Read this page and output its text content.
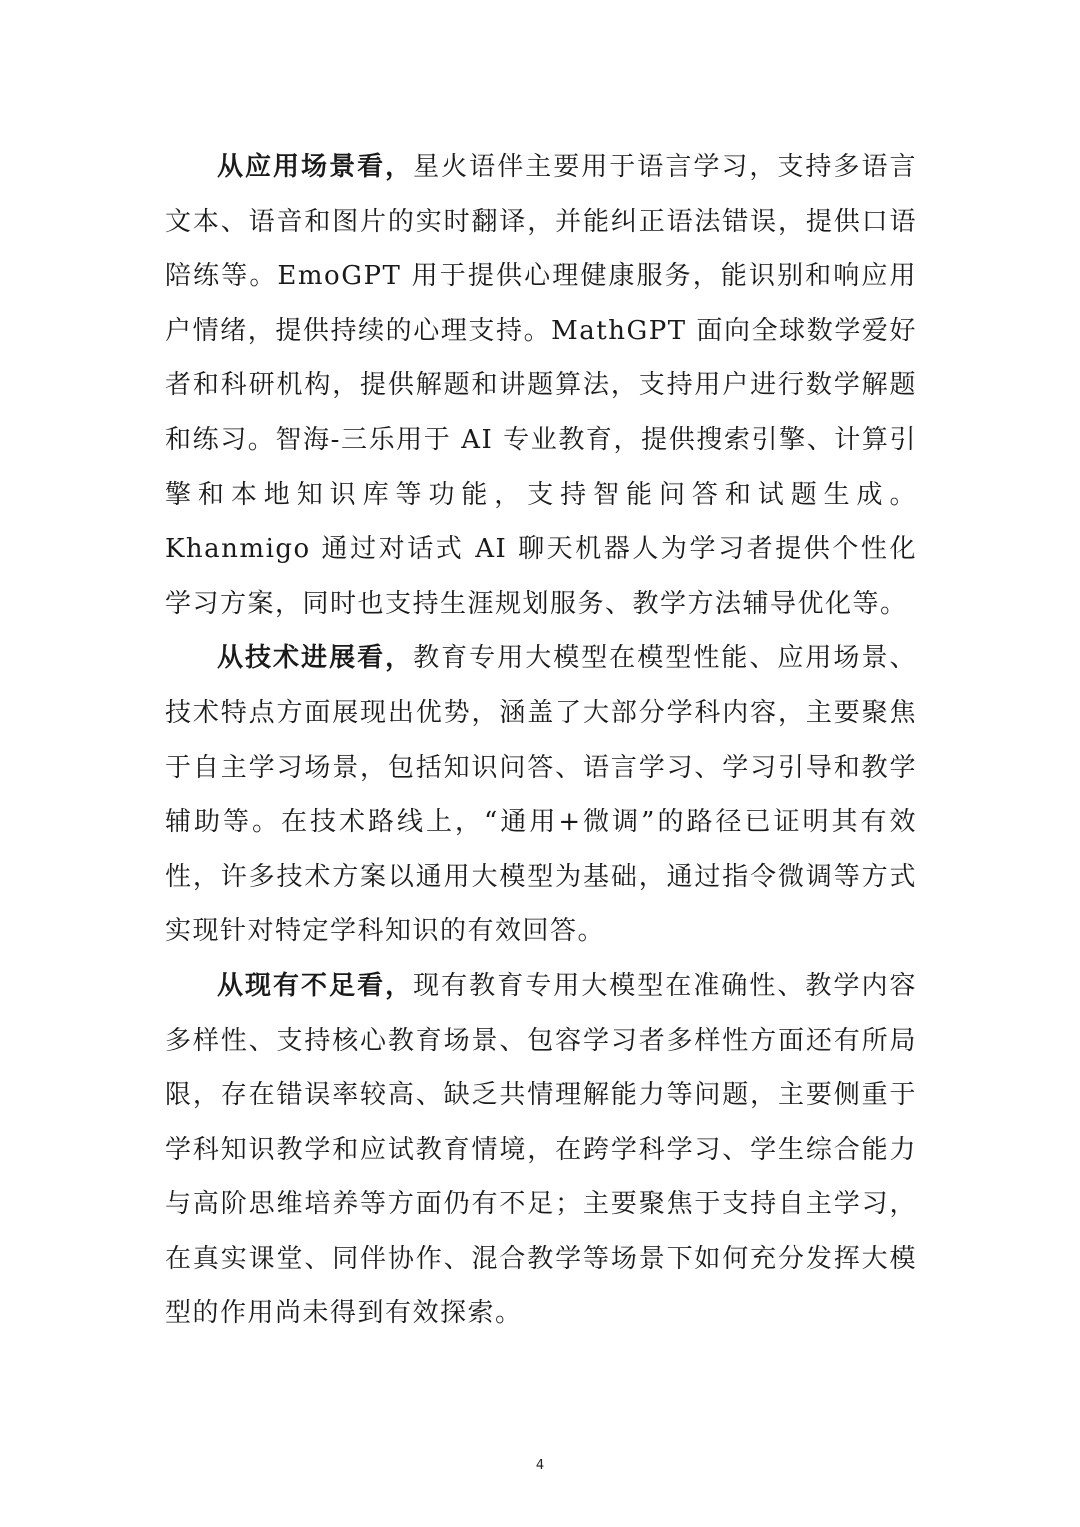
从应用场景看，星火语伴主要用于语言学习，支持多语言文本、语音和图片的实时翻译，并能纠正语法错误，提供口语陪练等。EmoGPT 用于提供心理健康服务，能识别和响应用户情绪，提供持续的心理支持。MathGPT 面向全球数学爱好者和科研机构，提供解题和讲题算法，支持用户进行数学解题和练习。智海-三乐用于 AI 专业教育，提供搜索引擎、计算引擎和本地知识库等功能，支持智能问答和试题生成。Khanmigo 通过对话式 AI 聊天机器人为学习者提供个性化学习方案，同时也支持生涯规划服务、教学方法辅导优化等。

从技术进展看，教育专用大模型在模型性能、应用场景、技术特点方面展现出优势，涵盖了大部分学科内容，主要聚焦于自主学习场景，包括知识问答、语言学习、学习引导和教学辅助等。在技术路线上，“通用+微调”的路径已证明其有效性，许多技术方案以通用大模型为基础，通过指令微调等方式实现针对特定学科知识的有效回答。

从现有不足看，现有教育专用大模型在准确性、教学内容多样性、支持核心教育场景、包容学习者多样性方面还有所局限，存在错误率较高、缺乏共情理解能力等问题，主要侧重于学科知识教学和应试教育情境，在跨学科学习、学生综合能力与高阶思维培养等方面仍有不足；主要聚焦于支持自主学习，在真实课堂、同伴协作、混合教学等场景下如何充分发挥大模型的作用尚未得到有效探索。

4
